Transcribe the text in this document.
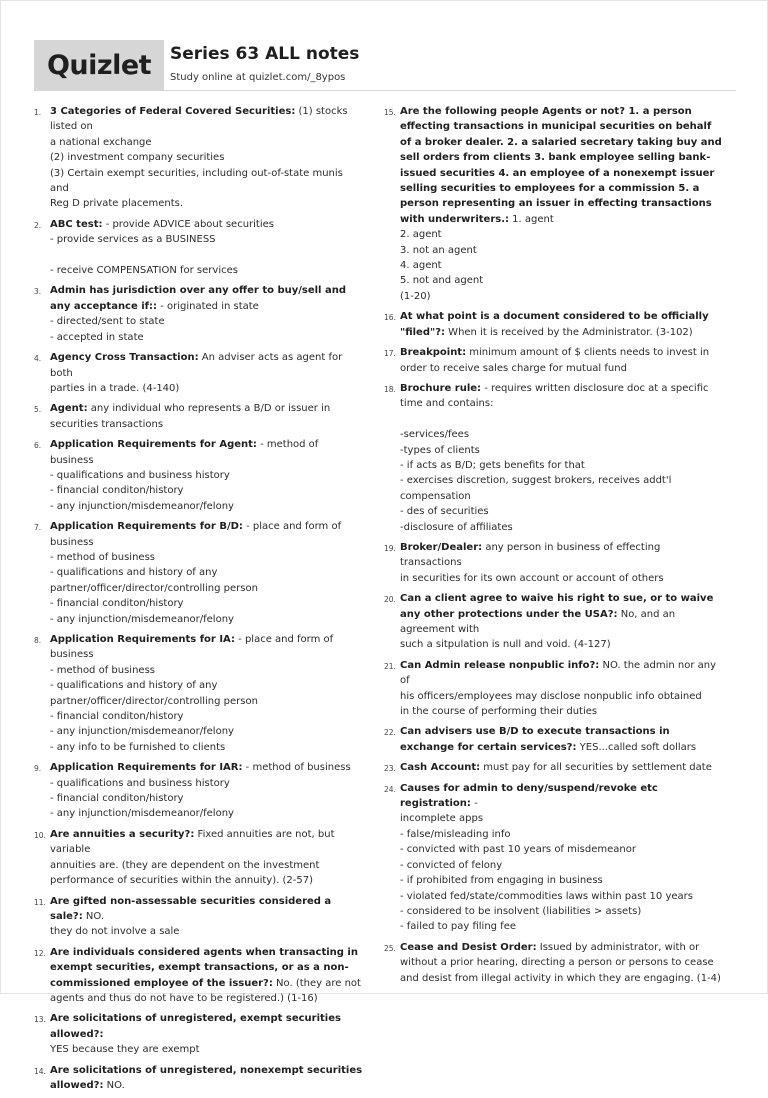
Quizlet Series 63 ALL notes
Study online at quizlet.com/_8ypos
1. 3 Categories of Federal Covered Securities: (1) stocks listed on
a national exchange
(2) investment company securities
(3) Certain exempt securities, including out-of-state munis and
Reg D private placements.
2. ABC test: - provide ADVICE about securities
- provide services as a BUSINESS

- receive COMPENSATION for services
3. Admin has jurisdiction over any offer to buy/sell and any acceptance if:: - originated in state
- directed/sent to state
- accepted in state
4. Agency Cross Transaction: An adviser acts as agent for both
parties in a trade. (4-140)
5. Agent: any individual who represents a B/D or issuer in
securities transactions
6. Application Requirements for Agent: - method of business
- qualifications and business history
- financial conditon/history
- any injunction/misdemeanor/felony
7. Application Requirements for B/D: - place and form of
business
- method of business
- qualifications and history of any
partner/officer/director/controlling person
- financial conditon/history
- any injunction/misdemeanor/felony
8. Application Requirements for IA: - place and form of business
- method of business
- qualifications and history of any
partner/officer/director/controlling person
- financial conditon/history
- any injunction/misdemeanor/felony
- any info to be furnished to clients
9. Application Requirements for IAR: - method of business
- qualifications and business history
- financial conditon/history
- any injunction/misdemeanor/felony
10. Are annuities a security?: Fixed annuities are not, but variable
annuities are. (they are dependent on the investment
performance of securities within the annuity). (2-57)
11. Are gifted non-assessable securities considered a sale?: NO.
they do not involve a sale
12. Are individuals considered agents when transacting in exempt securities, exempt transactions, or as a non-commissioned employee of the issuer?: No. (they are not
agents and thus do not have to be registered.) (1-16)
13. Are solicitations of unregistered, exempt securities allowed?:
YES because they are exempt
14. Are solicitations of unregistered, nonexempt securities allowed?: NO.
15. Are the following people Agents or not? 1. a person effecting transactions in municipal securities on behalf of a broker dealer. 2. a salaried secretary taking buy and sell orders from clients 3. bank employee selling bank-issued securities 4. an employee of a nonexempt issuer selling securities to employees for a commission 5. a person representing an issuer in effecting transactions with underwriters.: 1. agent
2. agent
3. not an agent
4. agent
5. not and agent
(1-20)
16. At what point is a document considered to be officially "filed"?: When it is received by the Administrator. (3-102)
17. Breakpoint: minimum amount of $ clients needs to invest in
order to receive sales charge for mutual fund
18. Brochure rule: - requires written disclosure doc at a specific
time and contains:

-services/fees
-types of clients
- if acts as B/D; gets benefits for that
- exercises discretion, suggest brokers, receives addt'l
compensation
- des of securities
-disclosure of affiliates
19. Broker/Dealer: any person in business of effecting transactions
in securities for its own account or account of others
20. Can a client agree to waive his right to sue, or to waive any other protections under the USA?: No, and an agreement with
such a sitpulation is null and void. (4-127)
21. Can Admin release nonpublic info?: NO. the admin nor any of
his officers/employees may disclose nonpublic info obtained
in the course of performing their duties
22. Can advisers use B/D to execute transactions in exchange for certain services?: YES...called soft dollars
23. Cash Account: must pay for all securities by settlement date
24. Causes for admin to deny/suspend/revoke etc registration: -
incomplete apps
- false/misleading info
- convicted with past 10 years of misdemeanor
- convicted of felony
- if prohibited from engaging in business
- violated fed/state/commodities laws within past 10 years
- considered to be insolvent (liabilities > assets)
- failed to pay filing fee
25. Cease and Desist Order: Issued by administrator, with or
without a prior hearing, directing a person or persons to cease
and desist from illegal activity in which they are engaging. (1-4)
